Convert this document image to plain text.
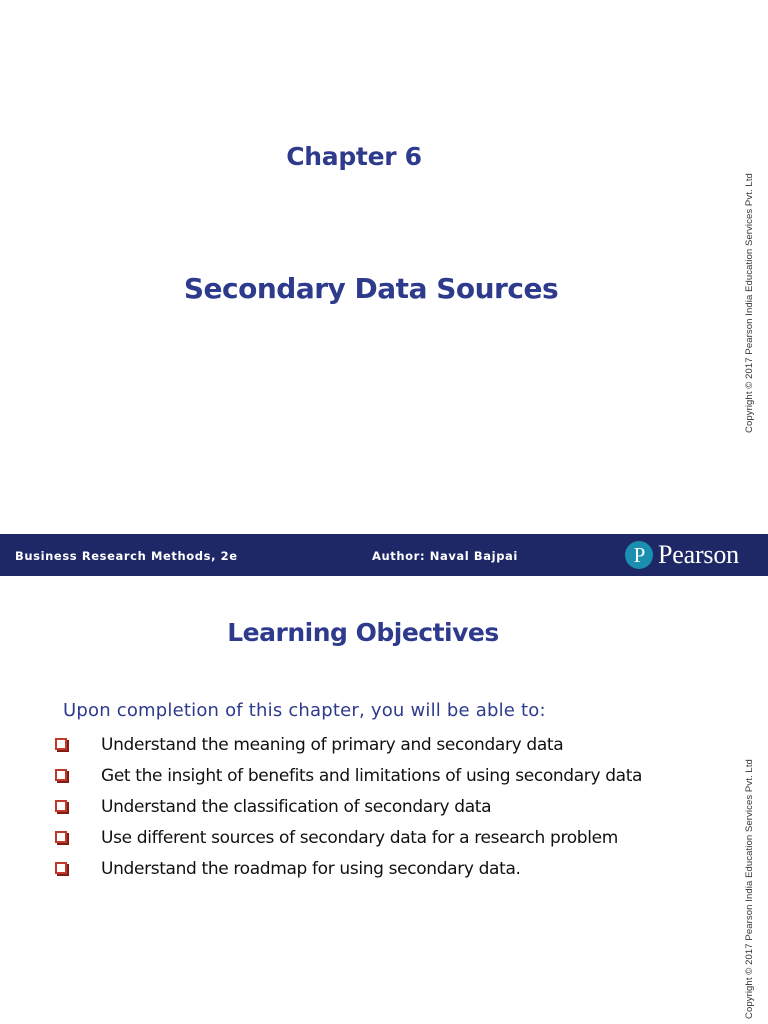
Chapter 6
Secondary Data Sources	Copyright © 2017 Pearson India Education Services Pvt. Ltd
Business Research Methods, 2e	Author: Naval Bajpai	P Pearson
Learning Objectives
Upon completion of this chapter, you will be able to:
Understand the meaning of primary and secondary data
Get the insight of benefits and limitations of using secondary data
Understand the classification of secondary data
Use different sources of secondary data for a research problem
Understand the roadmap for using secondary data.	Copyright © 2017 Pearson India Education Services Pvt. Ltd
